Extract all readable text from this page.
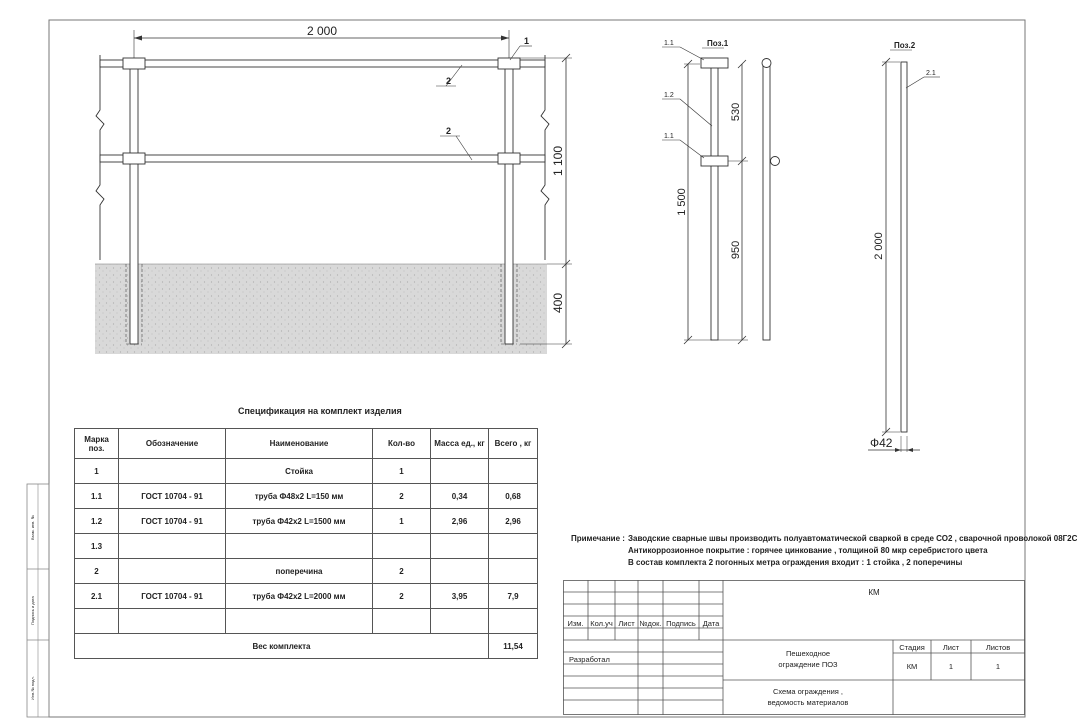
Взам. инв. №
Подпись и дата
Инв.№ подл.
2 000
1
2
2
1 100
400
Поз.1
1.1
1.2
1.1
1 500
530
950
Поз.2
2.1
2 000
Ф42
Спецификация на комплект изделия
Марка поз.	Обозначение	Наименование	Кол-во	Масса ед., кг	Всего , кг
1		Стойка	1		
1.1	ГОСТ 10704 - 91	труба Ф48х2 L=150 мм	2	0,34	0,68
1.2	ГОСТ 10704 - 91	труба Ф42х2 L=1500 мм	1	2,96	2,96
1.3					
2		поперечина	2		
2.1	ГОСТ 10704 - 91	труба Ф42х2 L=2000 мм	2	3,95	7,9

Вес комплекта					11,54
Примечание : Заводские сварные швы производить полуавтоматической сваркой в среде СО2 , сварочной проволокой 08Г2С
Антикоррозионное покрытие : горячее цинкование , толщиной 80 мкр серебристого цвета
В состав комплекта 2 погонных метра ограждения входит : 1 стойка , 2 поперечины
КМ
Изм. Кол.уч Лист №док. Подпись Дата
Разработал
Пешеходное
ограждение ПОЗ
Стадия	Лист	Листов
КМ	1	1
Схема ограждения ,
ведомость материалов
